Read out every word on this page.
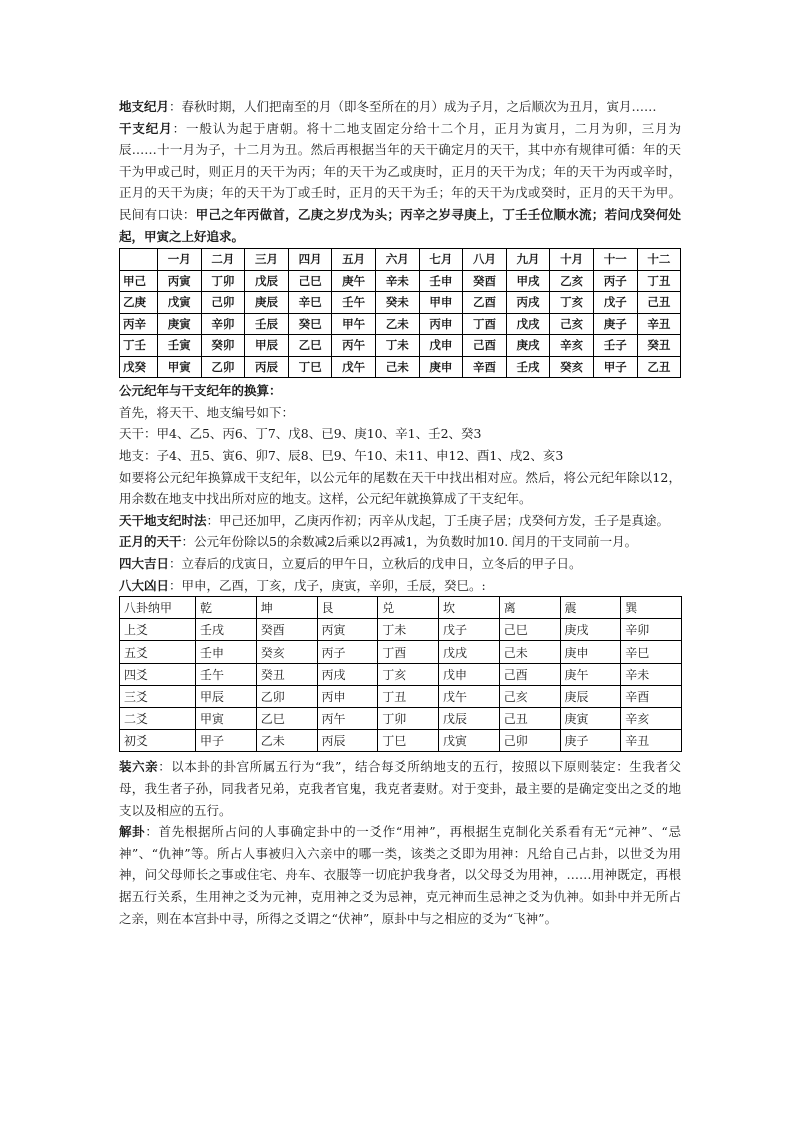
地支纪月：春秋时期，人们把南至的月（即冬至所在的月）成为子月，之后顺次为丑月，寅月……

干支纪月：一般认为起于唐朝。将十二地支固定分给十二个月，正月为寅月，二月为卯，三月为辰……十一月为子，十二月为丑。然后再根据当年的天干确定月的天干，其中亦有规律可循：年的天干为甲或己时，则正月的天干为丙；年的天干为乙或庚时，正月的天干为戊；年的天干为丙或辛时，正月的天干为庚；年的天干为丁或壬时，正月的天干为壬；年的天干为戊或癸时，正月的天干为甲。民间有口诀：甲己之年丙做首，乙庚之岁戊为头；丙辛之岁寻庚上，丁壬壬位顺水流；若问戊癸何处起，甲寅之上好追求。

	一月	二月	三月	四月	五月	六月	七月	八月	九月	十月	十一	十二
甲己	丙寅	丁卯	戊辰	己巳	庚午	辛未	壬申	癸酉	甲戌	乙亥	丙子	丁丑
乙庚	戊寅	己卯	庚辰	辛巳	壬午	癸未	甲申	乙酉	丙戌	丁亥	戊子	己丑
丙辛	庚寅	辛卯	壬辰	癸巳	甲午	乙未	丙申	丁酉	戊戌	己亥	庚子	辛丑
丁壬	壬寅	癸卯	甲辰	乙巳	丙午	丁未	戊申	己酉	庚戌	辛亥	壬子	癸丑
戊癸	甲寅	乙卯	丙辰	丁巳	戊午	己未	庚申	辛酉	壬戌	癸亥	甲子	乙丑

公元纪年与干支纪年的换算：

首先，将天干、地支编号如下：

天干：甲4、乙5、丙6、丁7、戊8、已9、庚10、辛1、壬2、癸3

地支：子4、丑5、寅6、卯7、辰8、巳9、午10、未11、申12、酉1、戌2、亥3

如要将公元纪年换算成干支纪年，以公元年的尾数在天干中找出相对应。然后，将公元纪年除以12，用余数在地支中找出所对应的地支。这样，公元纪年就换算成了干支纪年。

天干地支纪时法：甲己还加甲，乙庚丙作初；丙辛从戊起，丁壬庚子居；戊癸何方发，壬子是真途。

正月的天干：公元年份除以5的余数减2后乘以2再减1，为负数时加10. 闰月的干支同前一月。

四大吉日：立春后的戊寅日，立夏后的甲午日，立秋后的戊申日，立冬后的甲子日。

八大凶日：甲申，乙酉，丁亥，戊子，庚寅，辛卯，壬辰，癸巳。:

八卦纳甲	乾	坤	艮	兑	坎	离	震	巽
上爻	壬戌	癸酉	丙寅	丁未	戊子	己巳	庚戌	辛卯
五爻	壬申	癸亥	丙子	丁酉	戊戌	己未	庚申	辛巳
四爻	壬午	癸丑	丙戌	丁亥	戊申	己酉	庚午	辛未
三爻	甲辰	乙卯	丙申	丁丑	戊午	己亥	庚辰	辛酉
二爻	甲寅	乙巳	丙午	丁卯	戊辰	己丑	庚寅	辛亥
初爻	甲子	乙未	丙辰	丁巳	戊寅	己卯	庚子	辛丑

装六亲：以本卦的卦宫所属五行为“我”，结合每爻所纳地支的五行，按照以下原则装定：生我者父母，我生者子孙，同我者兄弟，克我者官鬼，我克者妻财。对于变卦，最主要的是确定变出之爻的地支以及相应的五行。

解卦：首先根据所占问的人事确定卦中的一爻作“用神”，再根据生克制化关系看有无“元神”、“忌神”、“仇神”等。所占人事被归入六亲中的哪一类，该类之爻即为用神：凡给自己占卦，以世爻为用神，问父母师长之事或住宅、舟车、衣服等一切庇护我身者，以父母爻为用神，……用神既定，再根据五行关系，生用神之爻为元神，克用神之爻为忌神，克元神而生忌神之爻为仇神。如卦中并无所占之亲，则在本宫卦中寻，所得之爻谓之“伏神”，原卦中与之相应的爻为“飞神”。
